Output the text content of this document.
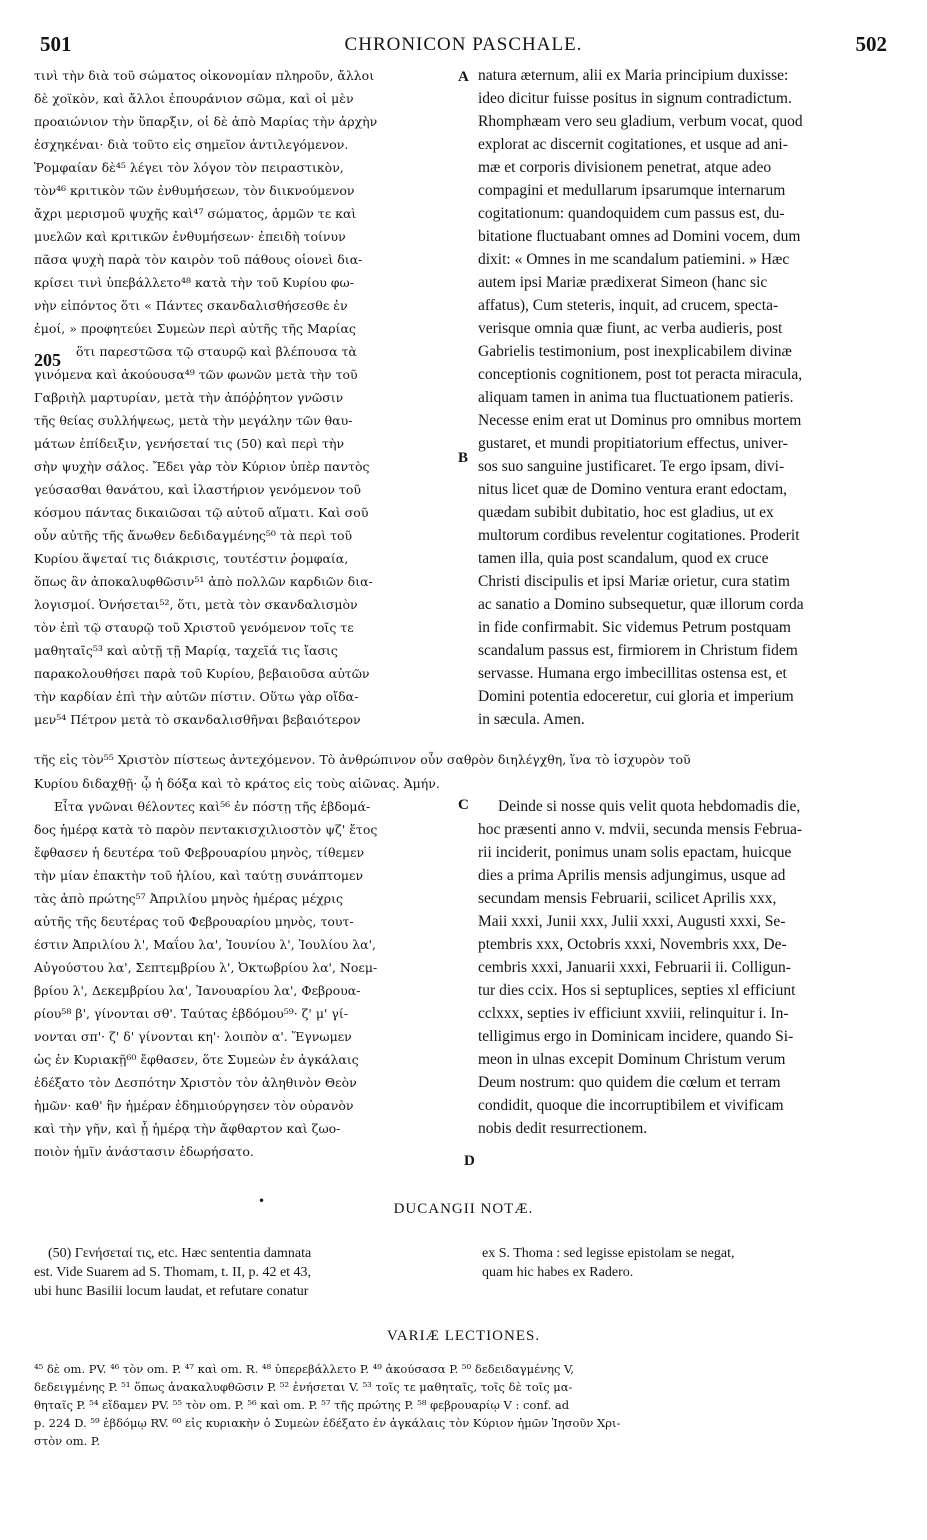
501	CHRONICON PASCHALE.	502
A
B
C
D
205
τινὶ τὴν διὰ τοῦ σώματος οἰκονομίαν πληροῦν, ἄλλοι
δὲ χοϊκὸν, καὶ ἄλλοι ἐπουράνιον σῶμα, καὶ οἱ μὲν
προαιώνιον τὴν ὕπαρξιν, οἱ δὲ ἀπὸ Μαρίας τὴν ἀρχὴν
ἐσχηκέναι· διὰ τοῦτο εἰς σημεῖον ἀντιλεγόμενον.
Ῥομφαίαν δὲ⁴⁵ λέγει τὸν λόγον τὸν πειραστικὸν,
τὸν⁴⁶ κριτικὸν τῶν ἐνθυμήσεων, τὸν διικνούμενον
ἄχρι μερισμοῦ ψυχῆς καὶ⁴⁷ σώματος, ἁρμῶν τε καὶ
μυελῶν καὶ κριτικῶν ἐνθυμήσεων· ἐπειδὴ τοίνυν
πᾶσα ψυχὴ παρὰ τὸν καιρὸν τοῦ πάθους οἱονεὶ δια-
κρίσει τινὶ ὑπεβάλλετο⁴⁸ κατὰ τὴν τοῦ Κυρίου φω-
νὴν εἰπόντος ὅτι « Πάντες σκανδαλισθήσεσθε ἐν
ἐμοί, » προφητεύει Συμεὼν περὶ αὐτῆς τῆς Μαρίας
ὅτι παρεστῶσα τῷ σταυρῷ καὶ βλέπουσα τὰ
γινόμενα καὶ ἀκούουσα⁴⁹ τῶν φωνῶν μετὰ τὴν τοῦ
Γαβριὴλ μαρτυρίαν, μετὰ τὴν ἀπόῤῥητον γνῶσιν
τῆς θείας συλλήψεως, μετὰ τὴν μεγάλην τῶν θαυ-
μάτων ἐπίδειξιν, γενήσεταί τις (50) καὶ περὶ τὴν
σὴν ψυχὴν σάλος. Ἔδει γὰρ τὸν Κύριον ὑπὲρ παντὸς
γεύσασθαι θανάτου, καὶ ἱλαστήριον γενόμενον τοῦ
κόσμου πάντας δικαιῶσαι τῷ αὐτοῦ αἵματι. Καὶ σοῦ
οὖν αὐτῆς τῆς ἄνωθεν δεδιδαγμένης⁵⁰ τὰ περὶ τοῦ
Κυρίου ἅψεταί τις διάκρισις, τουτέστιν ῥομφαία,
ὅπως ἂν ἀποκαλυφθῶσιν⁵¹ ἀπὸ πολλῶν καρδιῶν δια-
λογισμοί. Ὀνήσεται⁵², ὅτι, μετὰ τὸν σκανδαλισμὸν
τὸν ἐπὶ τῷ σταυρῷ τοῦ Χριστοῦ γενόμενον τοῖς τε
μαθηταῖς⁵³ καὶ αὐτῇ τῇ Μαρίᾳ, ταχεῖά τις ἴασις
παρακολουθήσει παρὰ τοῦ Κυρίου, βεβαιοῦσα αὐτῶν
τὴν καρδίαν ἐπὶ τὴν αὐτῶν πίστιν. Οὕτω γὰρ οἴδα-
μεν⁵⁴ Πέτρον μετὰ τὸ σκανδαλισθῆναι βεβαιότερον
natura æternum, alii ex Maria principium duxisse:
ideo dicitur fuisse positus in signum contradictum.
Rhomphæam vero seu gladium, verbum vocat, quod
explorat ac discernit cogitationes, et usque ad ani-
mæ et corporis divisionem penetrat, atque adeo
compagini et medullarum ipsarumque internarum
cogitationum: quandoquidem cum passus est, du-
bitatione fluctuabant omnes ad Domini vocem, dum
dixit: « Omnes in me scandalum patiemini. » Hæc
autem ipsi Mariæ prædixerat Simeon (hanc sic
affatus), Cum steteris, inquit, ad crucem, specta-
verisque omnia quæ fiunt, ac verba audieris, post
Gabrielis testimonium, post inexplicabilem divinæ
conceptionis cognitionem, post tot peracta miracula,
aliquam tamen in anima tua fluctuationem patieris.
Necesse enim erat ut Dominus pro omnibus mortem
gustaret, et mundi propitiatorium effectus, univer-
sos suo sanguine justificaret. Te ergo ipsam, divi-
nitus licet quæ de Domino ventura erant edoctam,
quædam subibit dubitatio, hoc est gladius, ut ex
multorum cordibus revelentur cogitationes. Proderit
tamen illa, quia post scandalum, quod ex cruce
Christi discipulis et ipsi Mariæ orietur, cura statim
ac sanatio a Domino subsequetur, quæ illorum corda
in fide confirmabit. Sic videmus Petrum postquam
scandalum passus est, firmiorem in Christum fidem
servasse. Humana ergo imbecillitas ostensa est, et
Domini potentia edoceretur, cui gloria et imperium
in sæcula. Amen.
τῆς εἰς τὸν⁵⁵ Χριστὸν πίστεως ἀντεχόμενον. Τὸ ἀνθρώπινον οὖν σαθρὸν διηλέγχθη, ἵνα τὸ ἰσχυρὸν τοῦ
Κυρίου διδαχθῇ· ᾧ ἡ δόξα καὶ τὸ κράτος εἰς τοὺς αἰῶνας. Ἀμήν.
Εἶτα γνῶναι θέλοντες καὶ⁵⁶ ἐν πόστῃ τῆς ἑβδομά-
δος ἡμέρᾳ κατὰ τὸ παρὸν πεντακισχιλιοστὸν ψζ' ἔτος
ἔφθασεν ἡ δευτέρα τοῦ Φεβρουαρίου μηνὸς, τίθεμεν
τὴν μίαν ἐπακτὴν τοῦ ἡλίου, καὶ ταύτῃ συνάπτομεν
τὰς ἀπὸ πρώτης⁵⁷ Ἀπριλίου μηνὸς ἡμέρας μέχρις
αὐτῆς τῆς δευτέρας τοῦ Φεβρουαρίου μηνὸς, τουτ-
έστιν Ἀπριλίου λ', Μαΐου λα', Ἰουνίου λ', Ἰουλίου λα',
Αὐγούστου λα', Σεπτεμβρίου λ', Ὀκτωβρίου λα', Νοεμ-
βρίου λ', Δεκεμβρίου λα', Ἰανουαρίου λα', Φεβρουα-
ρίου⁵⁸ β', γίνονται σθ'. Ταύτας ἑβδόμου⁵⁹· ζ' μ' γί-
νονται σπ'· ζ' δ' γίνονται κη'· λοιπὸν α'. Ἔγνωμεν
ὡς ἐν Κυριακῇ⁶⁰ ἔφθασεν, ὅτε Συμεὼν ἐν ἀγκάλαις
ἐδέξατο τὸν Δεσπότην Χριστὸν τὸν ἀληθινὸν Θεὸν
ἡμῶν· καθ' ἣν ἡμέραν ἐδημιούργησεν τὸν οὐρανὸν
καὶ τὴν γῆν, καὶ ᾗ ἡμέρᾳ τὴν ἄφθαρτον καὶ ζωο-
ποιὸν ἡμῖν ἀνάστασιν ἐδωρήσατο.
Deinde si nosse quis velit quota hebdomadis die,
hoc præsenti anno v. mdvii, secunda mensis Februa-
rii inciderit, ponimus unam solis epactam, huicque
dies a prima Aprilis mensis adjungimus, usque ad
secundam mensis Februarii, scilicet Aprilis xxx,
Maii xxxi, Junii xxx, Julii xxxi, Augusti xxxi, Se-
ptembris xxx, Octobris xxxi, Novembris xxx, De-
cembris xxxi, Januarii xxxi, Februarii ii. Colligun-
tur dies ccix. Hos si septuplices, septies xl efficiunt
cclxxx, septies iv efficiunt xxviii, relinquitur i. In-
telligimus ergo in Dominicam incidere, quando Si-
meon in ulnas excepit Dominum Christum verum
Deum nostrum: quo quidem die cœlum et terram
condidit, quoque die incorruptibilem et vivificam
nobis dedit resurrectionem.
•	DUCANGII NOTÆ.
(50) Γενήσεταί τις, etc. Hæc sententia damnata
est. Vide Suarem ad S. Thomam, t. II, p. 42 et 43,
ubi hunc Basilii locum laudat, et refutare conatur
ex S. Thoma : sed legisse epistolam se negat,
quam hic habes ex Radero.
VARIÆ LECTIONES.
⁴⁵ δὲ om. PV. ⁴⁶ τὸν om. P. ⁴⁷ καὶ om. R. ⁴⁸ ὑπερεβάλλετο P. ⁴⁹ ἀκούσασα P. ⁵⁰ δεδειδαγμένης V,
δεδειγμένης P. ⁵¹ ὅπως ἀνακαλυφθῶσιν P. ⁵² ἐνήσεται V. ⁵³ τοῖς τε μαθηταῖς, τοῖς δὲ τοῖς μα-
θηταῖς P. ⁵⁴ εἴδαμεν PV. ⁵⁵ τὸν om. P. ⁵⁶ καὶ om. P. ⁵⁷ τῆς πρώτης P. ⁵⁸ φεβρουαρίῳ V : conf. ad
p. 224 D. ⁵⁹ ἑβδόμῳ RV. ⁶⁰ εἰς κυριακὴν ὁ Συμεὼν ἐδέξατο ἐν ἀγκάλαις τὸν Κύριον ἡμῶν Ἰησοῦν Χρι-
στὸν om. P.
